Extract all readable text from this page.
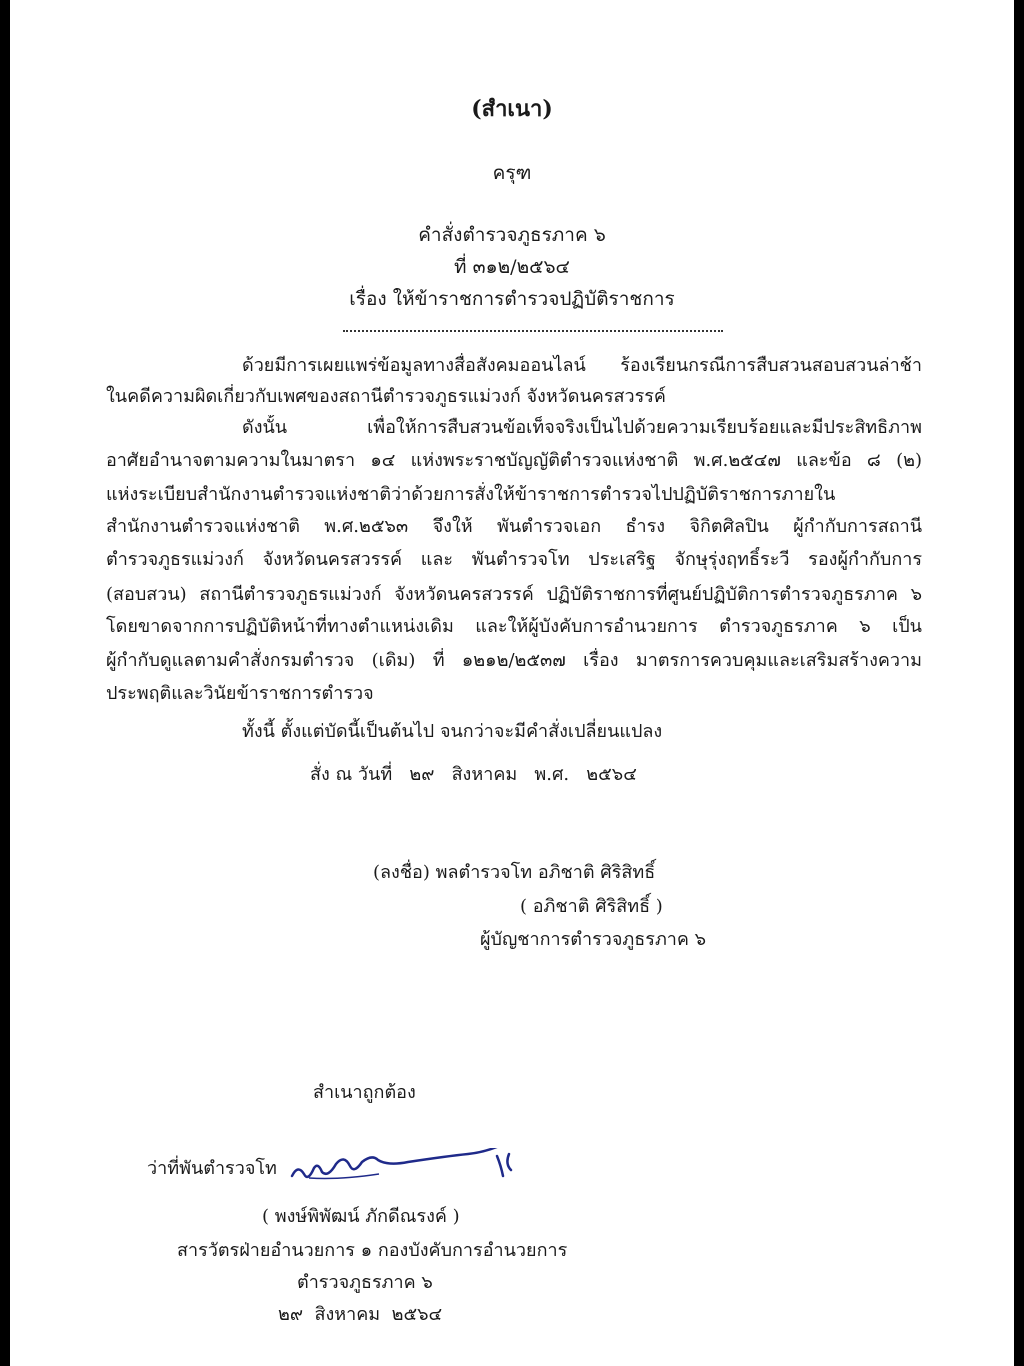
(สำเนา)
ครุฑ
คำสั่งตำรวจภูธรภาค ๖
ที่ ๓๑๒/๒๕๖๔
เรื่อง ให้ข้าราชการตำรวจปฏิบัติราชการ
ด้วยมีการเผยแพร่ข้อมูลทางสื่อสังคมออนไลน์ ร้องเรียนกรณีการสืบสวนสอบสวนล่าช้า
ในคดีความผิดเกี่ยวกับเพศของสถานีตำรวจภูธรแม่วงก์ จังหวัดนครสวรรค์
ดังนั้น เพื่อให้การสืบสวนข้อเท็จจริงเป็นไปด้วยความเรียบร้อยและมีประสิทธิภาพ
อาศัยอำนาจตามความในมาตรา ๑๔ แห่งพระราชบัญญัติตำรวจแห่งชาติ พ.ศ.๒๕๔๗ และข้อ ๘ (๒)
แห่งระเบียบสำนักงานตำรวจแห่งชาติว่าด้วยการสั่งให้ข้าราชการตำรวจไปปฏิบัติราชการภายใน
สำนักงานตำรวจแห่งชาติ พ.ศ.๒๕๖๓ จึงให้ พันตำรวจเอก ธำรง จิกิตศิลปิน ผู้กำกับการสถานี
ตำรวจภูธรแม่วงก์ จังหวัดนครสวรรค์ และ พันตำรวจโท ประเสริฐ จักษุรุ่งฤทธิ์ระวี รองผู้กำกับการ
(สอบสวน) สถานีตำรวจภูธรแม่วงก์ จังหวัดนครสวรรค์ ปฏิบัติราชการที่ศูนย์ปฏิบัติการตำรวจภูธรภาค ๖
โดยขาดจากการปฏิบัติหน้าที่ทางตำแหน่งเดิม และให้ผู้บังคับการอำนวยการ ตำรวจภูธรภาค ๖ เป็น
ผู้กำกับดูแลตามคำสั่งกรมตำรวจ (เดิม) ที่ ๑๒๑๒/๒๕๓๗ เรื่อง มาตรการควบคุมและเสริมสร้างความ
ประพฤติและวินัยข้าราชการตำรวจ
ทั้งนี้ ตั้งแต่บัดนี้เป็นต้นไป จนกว่าจะมีคำสั่งเปลี่ยนแปลง
สั่ง ณ วันที่   ๒๙   สิงหาคม   พ.ศ.   ๒๕๖๔
(ลงชื่อ) พลตำรวจโท อภิชาติ ศิริสิทธิ์
( อภิชาติ ศิริสิทธิ์ )
ผู้บัญชาการตำรวจภูธรภาค ๖
สำเนาถูกต้อง
ว่าที่พันตำรวจโท
( พงษ์พิพัฒน์ ภักดีณรงค์ )
สารวัตรฝ่ายอำนวยการ ๑ กองบังคับการอำนวยการ
ตำรวจภูธรภาค ๖
๒๙  สิงหาคม  ๒๕๖๔
